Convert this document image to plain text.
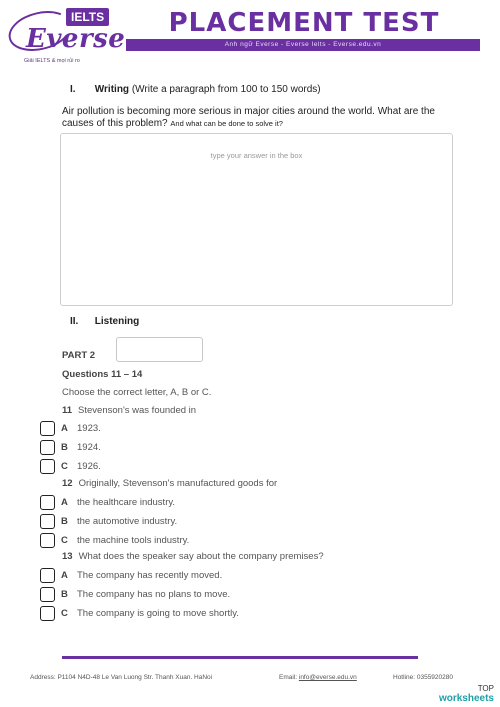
IELTS
Everse
Giải IELTS & mọi rủi ro
PLACEMENT TEST
Anh ngữ Everse - Everse Ielts - Everse.edu.vn
I. Writing (Write a paragraph from 100 to 150 words)
Air pollution is becoming more serious in major cities around the world. What are the causes of this problem? And what can be done to solve it?
type your answer in the box
II. Listening
PART 2
Questions 11 – 14
Choose the correct letter, A, B or C.
11 Stevenson's was founded in
A 1923.
B 1924.
C 1926.
12 Originally, Stevenson's manufactured goods for
A the healthcare industry.
B the automotive industry.
C the machine tools industry.
13 What does the speaker say about the company premises?
A The company has recently moved.
B The company has no plans to move.
C The company is going to move shortly.
Address: P1104 N4D-48 Le Van Luong Str. Thanh Xuan. HaNoi	Email: info@everse.edu.vn	Hotline: 0355920280
TOP
worksheets
